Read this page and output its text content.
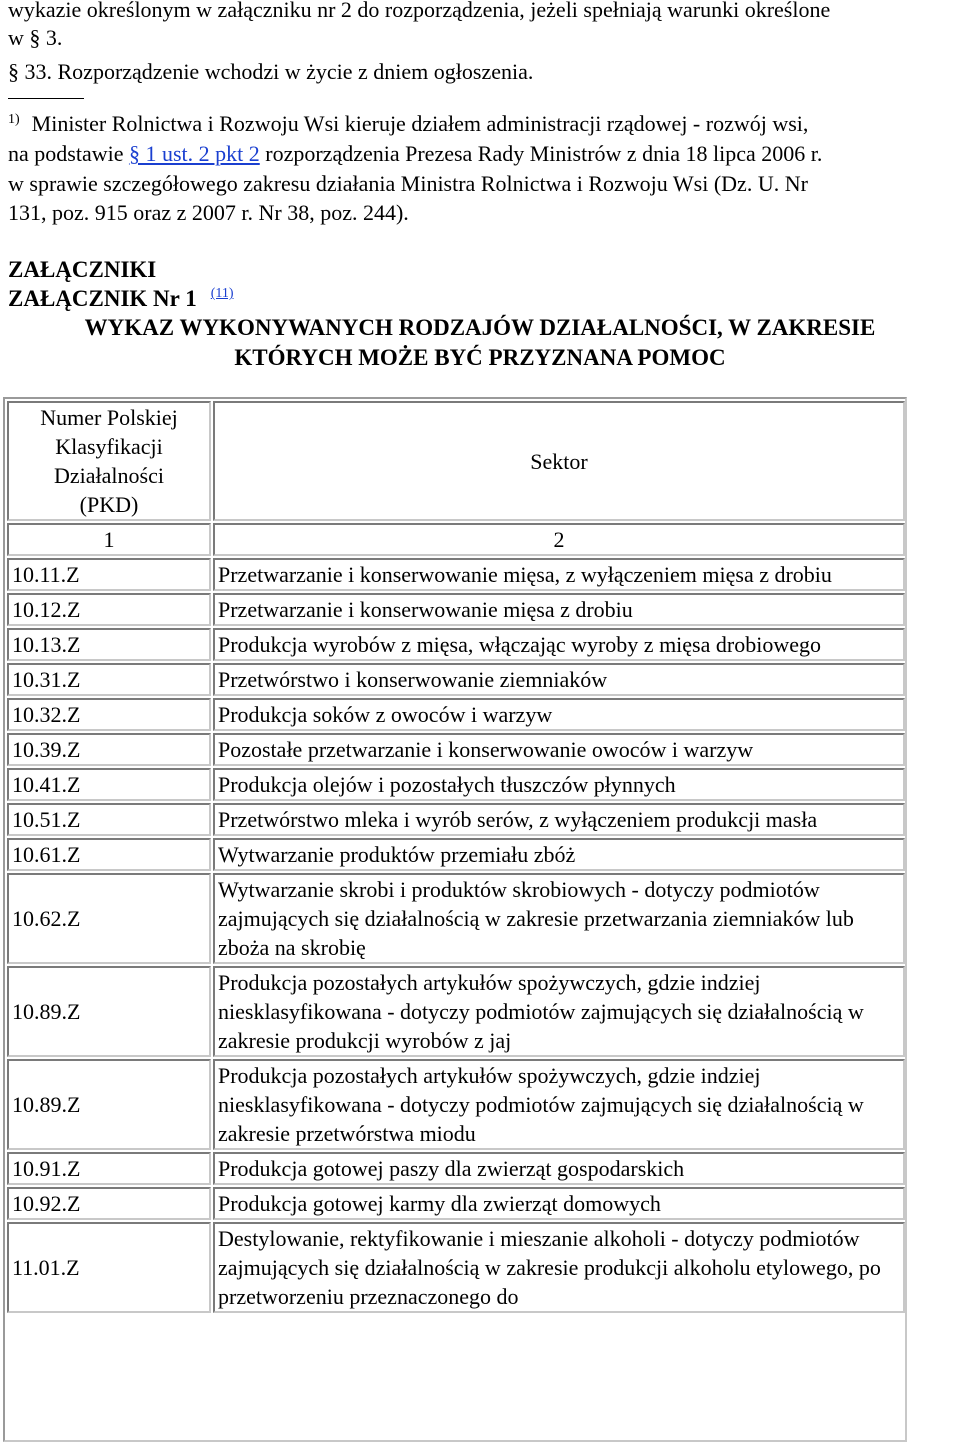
wykazie określonym w załączniku nr 2 do rozporządzenia, jeżeli spełniają warunki określone
w § 3.
§ 33. Rozporządzenie wchodzi w życie z dniem ogłoszenia.
$^{1)}$ Minister Rolnictwa i Rozwoju Wsi kieruje działem administracji rządowej - rozwój wsi,
na podstawie § 1 ust. 2 pkt 2 rozporządzenia Prezesa Rady Ministrów z dnia 18 lipca 2006 r.
w sprawie szczegółowego zakresu działania Ministra Rolnictwa i Rozwoju Wsi (Dz. U. Nr
131, poz. 915 oraz z 2007 r. Nr 38, poz. 244).
ZAŁĄCZNIKI
ZAŁĄCZNIK Nr 1 $^{(11)}$
WYKAZ WYKONYWANYCH RODZAJÓW DZIAŁALNOŚCI, W ZAKRESIE
KTÓRYCH MOŻE BYĆ PRZYZNANA POMOC
Numer Polskiej
Klasyfikacji
Działalności
(PKD)	Sektor
1	2
10.11.Z	Przetwarzanie i konserwowanie mięsa, z wyłączeniem mięsa z drobiu
10.12.Z	Przetwarzanie i konserwowanie mięsa z drobiu
10.13.Z	Produkcja wyrobów z mięsa, włączając wyroby z mięsa drobiowego
10.31.Z	Przetwórstwo i konserwowanie ziemniaków
10.32.Z	Produkcja soków z owoców i warzyw
10.39.Z	Pozostałe przetwarzanie i konserwowanie owoców i warzyw
10.41.Z	Produkcja olejów i pozostałych tłuszczów płynnych
10.51.Z	Przetwórstwo mleka i wyrób serów, z wyłączeniem produkcji masła
10.61.Z	Wytwarzanie produktów przemiału zbóż
10.62.Z	Wytwarzanie skrobi i produktów skrobiowych - dotyczy podmiotów zajmujących się działalnością w zakresie przetwarzania ziemniaków lub zboża na skrobię
10.89.Z	Produkcja pozostałych artykułów spożywczych, gdzie indziej niesklasyfikowana - dotyczy podmiotów zajmujących się działalnością w zakresie produkcji wyrobów z jaj
10.89.Z	Produkcja pozostałych artykułów spożywczych, gdzie indziej niesklasyfikowana - dotyczy podmiotów zajmujących się działalnością w zakresie przetwórstwa miodu
10.91.Z	Produkcja gotowej paszy dla zwierząt gospodarskich
10.92.Z	Produkcja gotowej karmy dla zwierząt domowych
11.01.Z	Destylowanie, rektyfikowanie i mieszanie alkoholi - dotyczy podmiotów zajmujących się działalnością w zakresie produkcji alkoholu etylowego, po przetworzeniu przeznaczonego do
